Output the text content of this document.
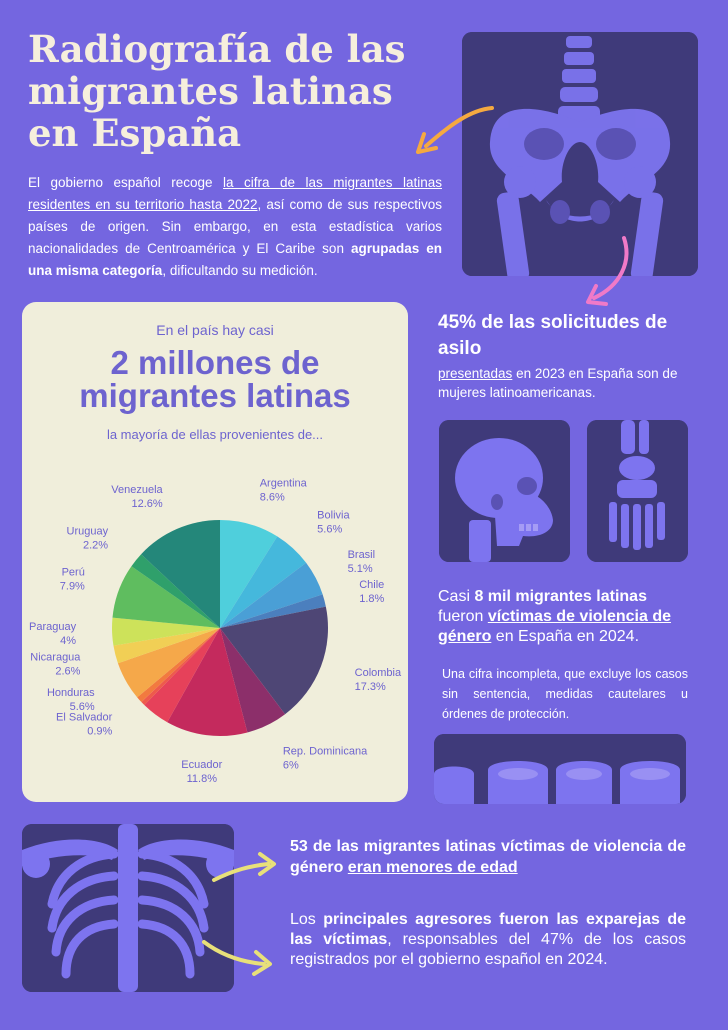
Radiografía de las migrantes latinas en España
El gobierno español recoge la cifra de las migrantes latinas residentes en su territorio hasta 2022, así como de sus respectivos países de origen. Sin embargo, en esta estadística varios nacionalidades de Centroamérica y El Caribe son agrupadas en una misma categoría, dificultando su medición.
En el país hay casi
2 millones de
migrantes latinas
la mayoría de ellas provenientes de...
Argentina 8.6%
Bolivia 5.6%
Brasil 5.1%
Chile 1.8%
Colombia 17.3%
Rep. Dominicana 6%
Ecuador 11.8%
El Salvador 0.9%
Honduras 5.6%
Nicaragua 2.6%
Paraguay 4%
Perú 7.9%
Uruguay 2.2%
Venezuela 12.6%
45% de las solicitudes de asilo
presentadas en 2023 en España son de mujeres latinoamericanas.
Casi 8 mil migrantes latinas fueron víctimas de violencia de género en España en 2024.
Una cifra incompleta, que excluye los casos sin sentencia, medidas cautelares u órdenes de protección.
53 de las migrantes latinas víctimas de violencia de género eran menores de edad
Los principales agresores fueron las exparejas de las víctimas, responsables del 47% de los casos registrados por el gobierno español en 2024.
